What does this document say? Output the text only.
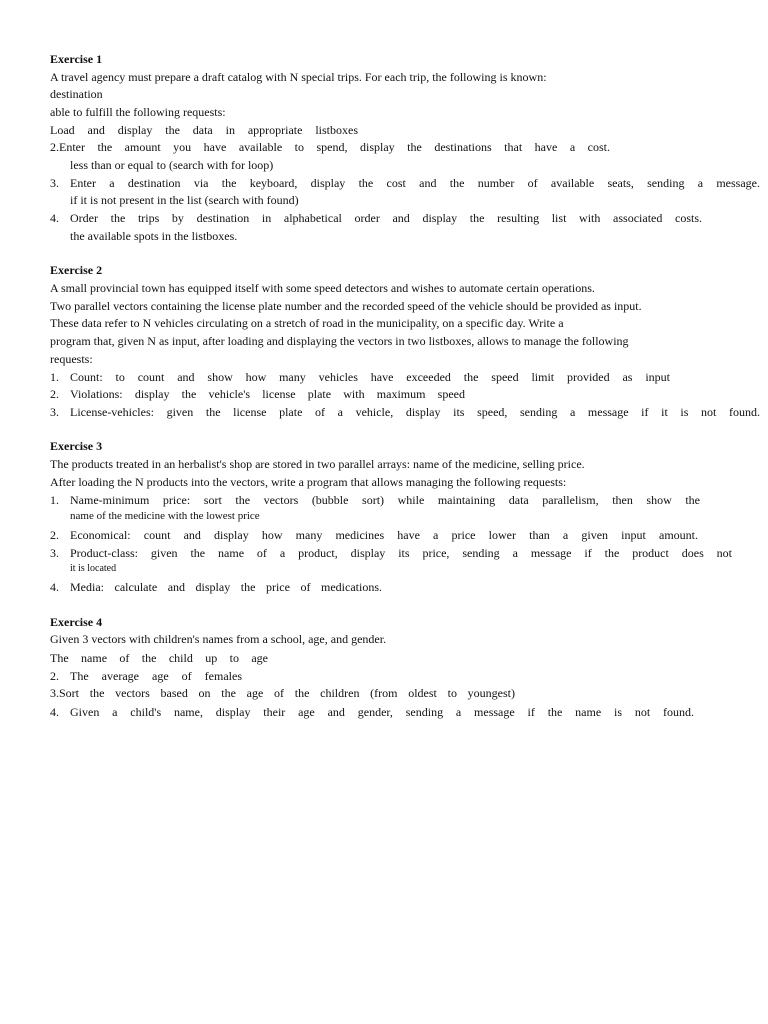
Exercise 1
A travel agency must prepare a draft catalog with N special trips. For each trip, the following is known:
destination
able to fulfill the following requests:
Load and display the data in appropriate listboxes
2.Enter the amount you have available to spend, display the destinations that have a cost.
less than or equal to (search with for loop)
3. Enter a destination via the keyboard, display the cost and the number of available seats, sending a message.
if it is not present in the list (search with found)
4. Order the trips by destination in alphabetical order and display the resulting list with associated costs.
the available spots in the listboxes.
Exercise 2
A small provincial town has equipped itself with some speed detectors and wishes to automate certain operations.
Two parallel vectors containing the license plate number and the recorded speed of the vehicle should be provided as input.
These data refer to N vehicles circulating on a stretch of road in the municipality, on a specific day. Write a
program that, given N as input, after loading and displaying the vectors in two listboxes, allows to manage the following
requests:
1. Count: to count and show how many vehicles have exceeded the speed limit provided as input
2. Violations: display the vehicle's license plate with maximum speed
3. License-vehicles: given the license plate of a vehicle, display its speed, sending a message if it is not found.
Exercise 3
The products treated in an herbalist's shop are stored in two parallel arrays: name of the medicine, selling price.
After loading the N products into the vectors, write a program that allows managing the following requests:
1. Name-minimum price: sort the vectors (bubble sort) while maintaining data parallelism, then show the
name of the medicine with the lowest price
2. Economical: count and display how many medicines have a price lower than a given input amount.
3. Product-class: given the name of a product, display its price, sending a message if the product does not
it is located
4. Media: calculate and display the price of medications.
Exercise 4
Given 3 vectors with children's names from a school, age, and gender.
The name of the child up to age
2. The average age of females
3.Sort the vectors based on the age of the children (from oldest to youngest)
4. Given a child's name, display their age and gender, sending a message if the name is not found.
